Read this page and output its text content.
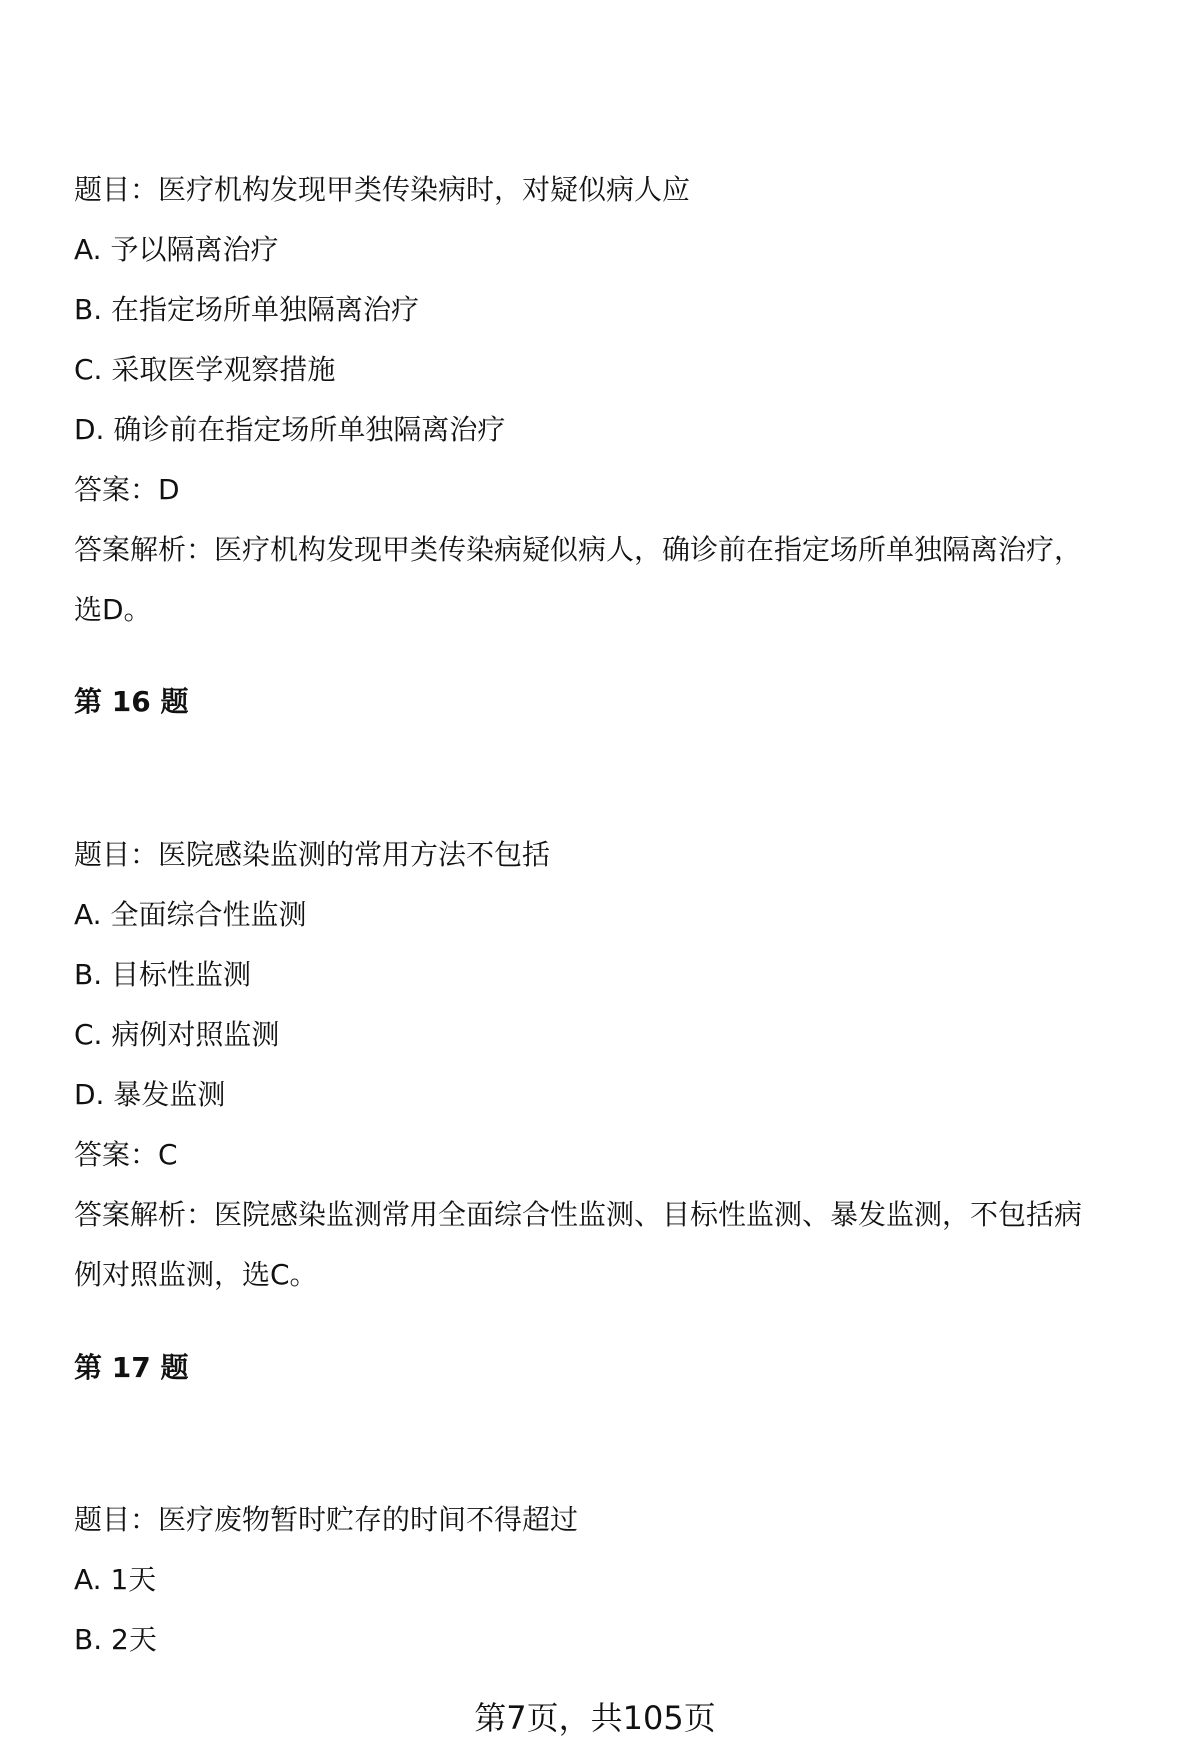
题目：医疗机构发现甲类传染病时，对疑似病人应
A. 予以隔离治疗
B. 在指定场所单独隔离治疗
C. 采取医学观察措施
D. 确诊前在指定场所单独隔离治疗
答案：D
答案解析：医疗机构发现甲类传染病疑似病人，确诊前在指定场所单独隔离治疗，
选D。
第 16 题
题目：医院感染监测的常用方法不包括
A. 全面综合性监测
B. 目标性监测
C. 病例对照监测
D. 暴发监测
答案：C
答案解析：医院感染监测常用全面综合性监测、目标性监测、暴发监测，不包括病
例对照监测，选C。
第 17 题
题目：医疗废物暂时贮存的时间不得超过
A. 1天
B. 2天
第7页，共105页
